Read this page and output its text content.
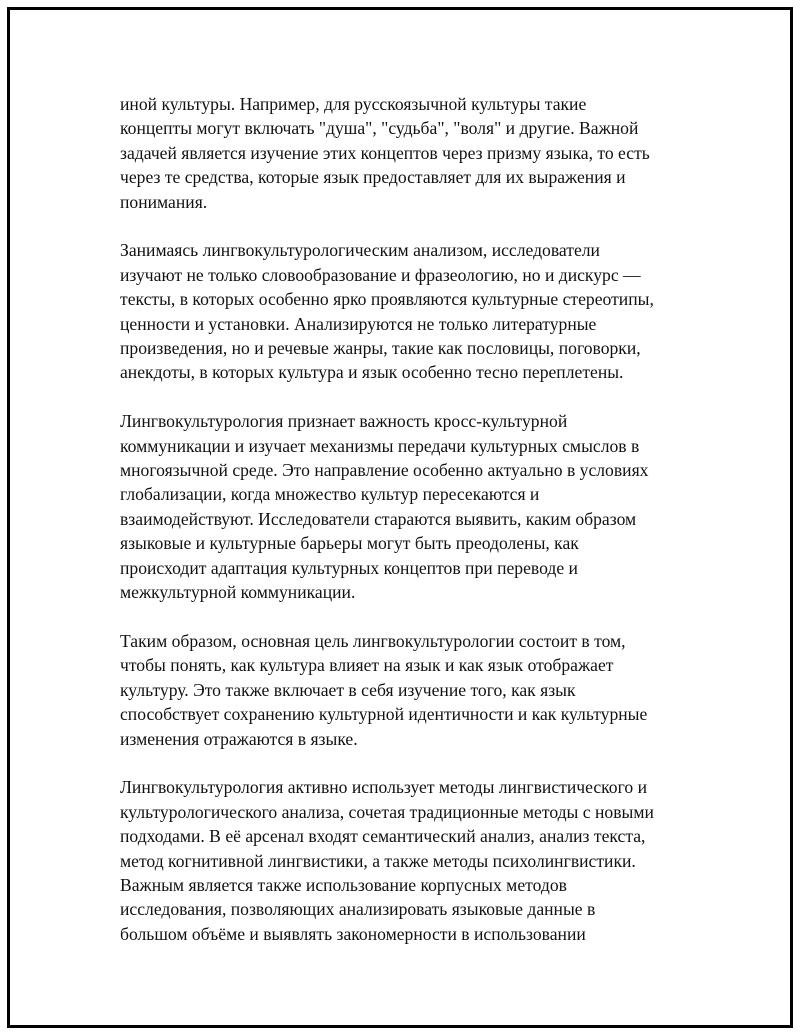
иной культуры. Например, для русскоязычной культуры такие
концепты могут включать "душа", "судьба", "воля" и другие. Важной
задачей является изучение этих концептов через призму языка, то есть
через те средства, которые язык предоставляет для их выражения и
понимания.

Занимаясь лингвокультурологическим анализом, исследователи
изучают не только словообразование и фразеологию, но и дискурс —
тексты, в которых особенно ярко проявляются культурные стереотипы,
ценности и установки. Анализируются не только литературные
произведения, но и речевые жанры, такие как пословицы, поговорки,
анекдоты, в которых культура и язык особенно тесно переплетены.

Лингвокультурология признает важность кросс-культурной
коммуникации и изучает механизмы передачи культурных смыслов в
многоязычной среде. Это направление особенно актуально в условиях
глобализации, когда множество культур пересекаются и
взаимодействуют. Исследователи стараются выявить, каким образом
языковые и культурные барьеры могут быть преодолены, как
происходит адаптация культурных концептов при переводе и
межкультурной коммуникации.

Таким образом, основная цель лингвокультурологии состоит в том,
чтобы понять, как культура влияет на язык и как язык отображает
культуру. Это также включает в себя изучение того, как язык
способствует сохранению культурной идентичности и как культурные
изменения отражаются в языке.

Лингвокультурология активно использует методы лингвистического и
культурологического анализа, сочетая традиционные методы с новыми
подходами. В её арсенал входят семантический анализ, анализ текста,
метод когнитивной лингвистики, а также методы психолингвистики.
Важным является также использование корпусных методов
исследования, позволяющих анализировать языковые данные в
большом объёме и выявлять закономерности в использовании
